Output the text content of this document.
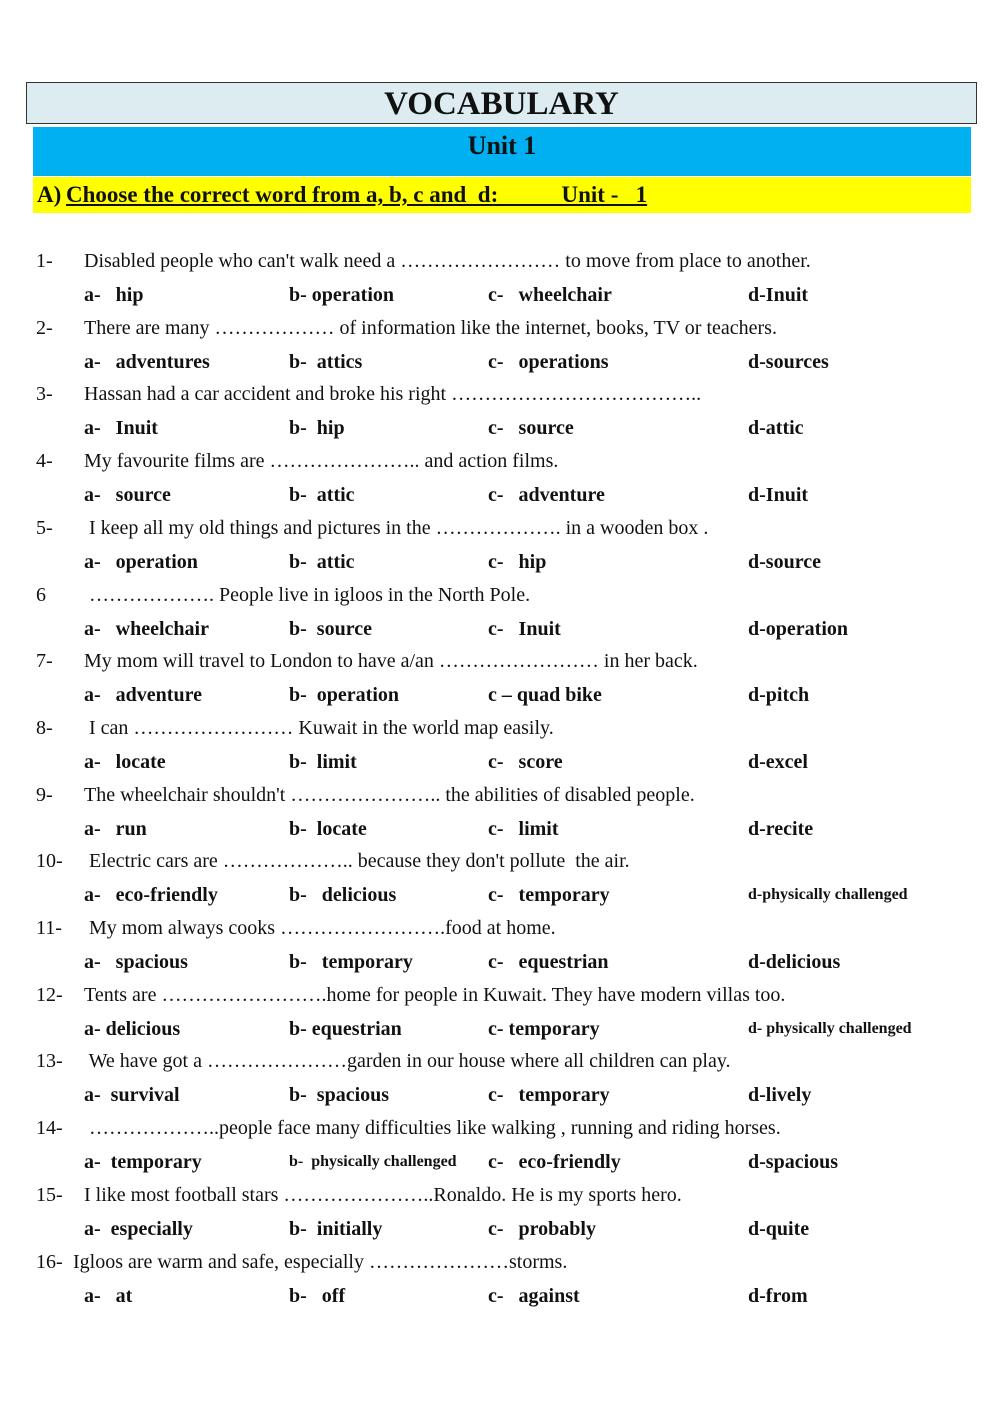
VOCABULARY
Unit 1
A) Choose the correct word from a, b, c and  d:           Unit -   1
1- Disabled people who can't walk need a …………………… to move from place to another.
a-   hip	b- operation	c-   wheelchair	d-Inuit
2- There are many ……………… of information like the internet, books, TV or teachers.
a-   adventures	b-  attics	c-   operations	d-sources
3- Hassan had a car accident and broke his right ………………………………..
a-   Inuit	b-  hip	c-   source	d-attic
4- My favourite films are ………………….. and action films.
a-   source	b-  attic	c-   adventure	d-Inuit
5- I keep all my old things and pictures in the ………………. in a wooden box .
a-   operation	b-  attic	c-   hip	d-source
6 ………………. People live in igloos in the North Pole.
a-   wheelchair	b-  source	c-   Inuit	d-operation
7- My mom will travel to London to have a/an …………………… in her back.
a-   adventure	b-  operation	c – quad bike	d-pitch
8- I can …………………… Kuwait in the world map easily.
a-   locate	b-  limit	c-   score	d-excel
9- The wheelchair shouldn't ………………….. the abilities of disabled people.
a-   run	b-  locate	c-   limit	d-recite
10- Electric cars are ……………….. because they don't pollute  the air.
a-   eco-friendly	b-   delicious	c-   temporary	d-physically challenged
11- My mom always cooks …………………….food at home.
a-   spacious	b-   temporary	c-   equestrian	d-delicious
12- Tents are …………………….home for people in Kuwait. They have modern villas too.
a- delicious	b- equestrian	c- temporary	d- physically challenged
13- We have got a …………………garden in our house where all children can play.
a-  survival	b-  spacious	c-   temporary	d-lively
14- ………………..people face many difficulties like walking , running and riding horses.
a-  temporary	b-  physically challenged c-   eco-friendly	d-spacious
15- I like most football stars …………………..Ronaldo. He is my sports hero.
a-  especially	b-  initially	c-   probably	d-quite
16- Igloos are warm and safe, especially …………………storms.
a-   at	b-   off	c-   against	d-from
